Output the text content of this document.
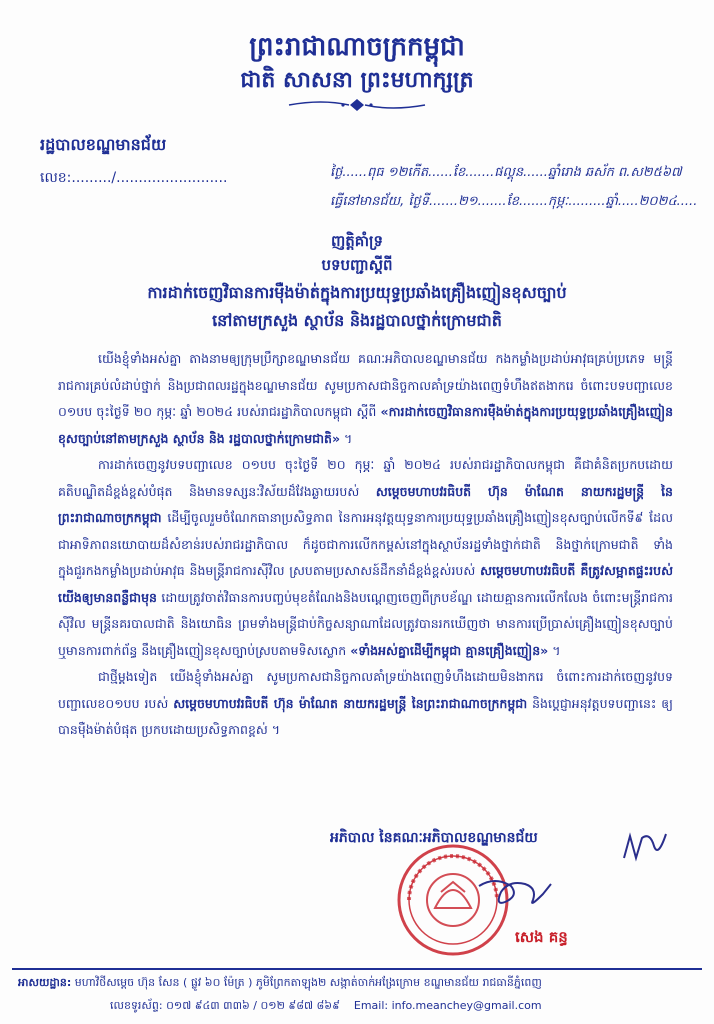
ព្រះរាជាណាចក្រកម្ពុជា
ជាតិ សាសនា ព្រះមហាក្សត្រ
រដ្ឋបាលខណ្ឌមានជ័យ
លេខ:........./.........................	ថ្ងៃ......ពុធ ១២កើត......ខែ.......ផល្គុន......ឆ្នាំរោង ឆស័ក ព.ស២៥៦៧
ធ្វើនៅមានជ័យ, ថ្ងៃទី.......២១.......ខែ.......កុម្ភៈ.........ឆ្នាំ.....២០២៤.....
ញត្តិគាំទ្រ
បទបញ្ជាស្តីពី
ការដាក់ចេញវិធានការម៉ឺងម៉ាត់ក្នុងការប្រយុទ្ធប្រឆាំងគ្រឿងញៀនខុសច្បាប់
នៅតាមក្រសួង ស្ថាប័ន និងរដ្ឋបាលថ្នាក់ក្រោមជាតិ

យើងខ្ញុំទាំងអស់គ្នា តាងនាមឲ្យក្រុមប្រឹក្សាខណ្ឌមានជ័យ គណៈអភិបាលខណ្ឌមានជ័យ កងកម្លាំងប្រដាប់អាវុធគ្រប់ប្រភេទ មន្ត្រីរាជការគ្រប់លំដាប់ថ្នាក់ និងប្រជាពលរដ្ឋក្នុងខណ្ឌមានជ័យ សូមប្រកាសជានិច្ចកាលគាំទ្រយ៉ាងពេញទំហឹងឥតងាករេ ចំពោះបទបញ្ជាលេខ ០១បប ចុះថ្ងៃទី ២០ កុម្ភៈ ឆ្នាំ ២០២៤ របស់រាជរដ្ឋាភិបាលកម្ពុជា ស្តីពី «ការដាក់ចេញវិធានការម៉ឺងម៉ាត់ក្នុងការប្រយុទ្ធប្រឆាំងគ្រឿងញៀនខុសច្បាប់នៅតាមក្រសួង ស្ថាប័ន និង រដ្ឋបាលថ្នាក់ក្រោមជាតិ» ។

ការដាក់ចេញនូវបទបញ្ជាលេខ ០១បប ចុះថ្ងៃទី ២០ កុម្ភៈ ឆ្នាំ ២០២៤ របស់រាជរដ្ឋាភិបាលកម្ពុជា គឺជាគំនិតប្រកបដោយគតិបណ្ឌិតដ៏ខ្ពង់ខ្ពស់បំផុត និងមានទស្សនៈវិស័យដ៏វែងឆ្ងាយរបស់ សម្តេចមហាបវរធិបតី ហ៊ុន ម៉ាណែត នាយករដ្ឋមន្ត្រី នៃព្រះរាជាណាចក្រកម្ពុជា ដើម្បីចូលរួមចំណែកធានាប្រសិទ្ធភាព នៃការអនុវត្តយុទ្ធនាការប្រយុទ្ធប្រឆាំងគ្រឿងញៀនខុសច្បាប់លើកទី៩ ដែលជាអាទិភាពនយោបាយដ៏សំខាន់របស់រាជរដ្ឋាភិបាល ក៏ដូចជាការលើកកម្ពស់នៅក្នុងស្ថាប័នរដ្ឋទាំងថ្នាក់ជាតិ និងថ្នាក់ក្រោមជាតិ ទាំងក្នុងជួរកងកម្លាំងប្រដាប់អាវុធ និងមន្ត្រីរាជការស៊ីវិល ស្របតាមប្រសាសន៍ដឹកនាំដ៏ខ្ពង់ខ្ពស់របស់ សម្តេចមហាបវរធិបតី គឺត្រូវសម្អាតផ្ទះរបស់យើងឲ្យមានពន្លឺជាមុន ដោយត្រូវចាត់វិធានការបញ្ចប់មុខតំណែងនិងបណ្តេញចេញពីក្របខ័ណ្ឌ ដោយគ្មានការលើកលែង ចំពោះមន្ត្រីរាជការស៊ីវិល មន្ត្រីនគរបាលជាតិ និងយោធិន ព្រមទាំងមន្ត្រីជាប់កិច្ចសន្យាណាដែលត្រូវបានរកឃើញថា មានការប្រើប្រាស់គ្រឿងញៀនខុសច្បាប់ ឬមានការពាក់ព័ន្ធ នឹងគ្រឿងញៀនខុសច្បាប់ស្របតាមទិសស្លោក «ទាំងអស់គ្នាដើម្បីកម្ពុជា គ្មានគ្រឿងញៀន» ។

ជាថ្មីម្តងទៀត យើងខ្ញុំទាំងអស់គ្នា សូមប្រកាសជានិច្ចកាលគាំទ្រយ៉ាងពេញទំហឹងដោយមិនងាករេ ចំពោះការដាក់ចេញនូវបទបញ្ជាលេខ០១បប របស់ សម្តេចមហាបវរធិបតី ហ៊ុន ម៉ាណែត នាយករដ្ឋមន្ត្រី នៃព្រះរាជាណាចក្រកម្ពុជា និងប្តេជ្ញាអនុវត្តបទបញ្ជានេះ ឲ្យបានម៉ឺងម៉ាត់បំផុត ប្រកបដោយប្រសិទ្ធភាពខ្ពស់ ។

អភិបាល នៃគណៈអភិបាលខណ្ឌមានជ័យ
សេង គន្ធ
អាសយដ្ឋាន: មហាវិថីសម្តេច ហ៊ុន សែន ( ផ្លូវ ៦០ ម៉ែត្រ ) ភូមិព្រែកតាឡុង២ សង្កាត់ចាក់អង្រែក្រោម ខណ្ឌមានជ័យ រាជធានីភ្នំពេញ
លេខទូរស័ព្ទ: ០១៧ ៩៤៣ ៣៣៦ / ០១២ ៩៨៧ ៨៦៩ Email: info.meanchey@gmail.com
